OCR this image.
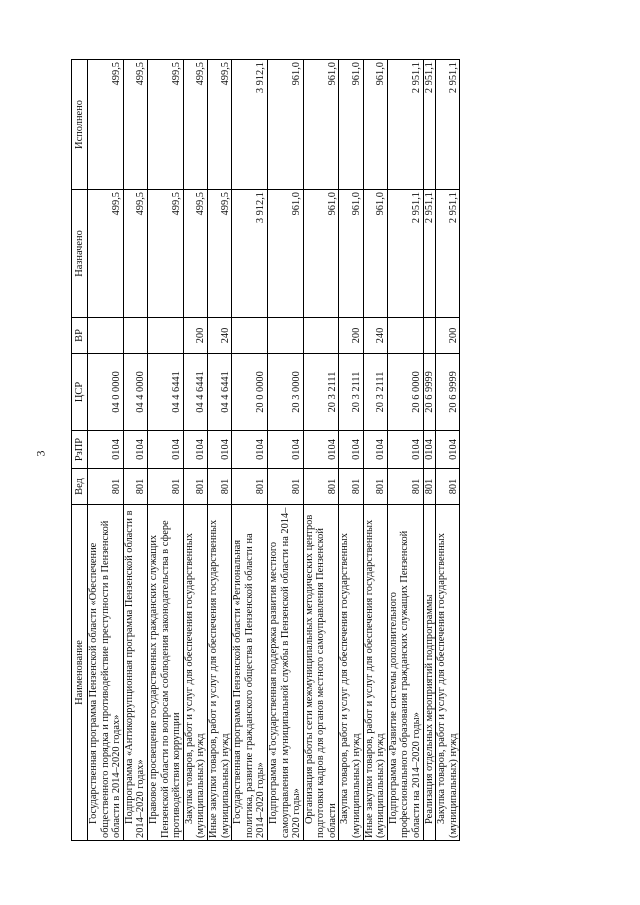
3
Наименование	Вед	РзПР	ЦСР	ВР	Назначено	Исполнено
Государственная программа Пензенской области «Обеспечение общественного порядка и противодействие преступности в Пензенской области в 2014–2020 годах»	801	0104	04 0 0000		499,5	499,5
Подпрограмма «Антикоррупционная программа Пензенской области в 2014–2020 годах»	801	0104	04 4 0000		499,5	499,5
Правовое просвещение государственных гражданских служащих Пензенской области по вопросам соблюдения законодательства в сфере противодействия коррупции	801	0104	04 4 6441		499,5	499,5
Закупка товаров, работ и услуг для обеспечения государственных (муниципальных) нужд	801	0104	04 4 6441	200	499,5	499,5
Иные закупки товаров, работ и услуг для обеспечения государственных (муниципальных) нужд	801	0104	04 4 6441	240	499,5	499,5
Государственная программа Пензенской области «Региональная политика, развитие гражданского общества в Пензенской области на 2014–2020 годы»	801	0104	20 0 0000		3 912,1	3 912,1
Подпрограмма «Государственная поддержка развития местного самоуправления и муниципальной службы в Пензенской области на 2014–2020 годы»	801	0104	20 3 0000		961,0	961,0
Организация работы сети межмуниципальных методических центров подготовки кадров для органов местного самоуправления Пензенской области	801	0104	20 3 2111		961,0	961,0
Закупка товаров, работ и услуг для обеспечения государственных (муниципальных) нужд	801	0104	20 3 2111	200	961,0	961,0
Иные закупки товаров, работ и услуг для обеспечения государственных (муниципальных) нужд	801	0104	20 3 2111	240	961,0	961,0
Подпрограмма «Развитие системы дополнительного профессионального образования гражданских служащих Пензенской области на 2014–2020 годы»	801	0104	20 6 0000		2 951,1	2 951,1
Реализация отдельных мероприятий подпрограммы	801	0104	20 6 9999		2 951,1	2 951,1
Закупка товаров, работ и услуг для обеспечения государственных (муниципальных) нужд	801	0104	20 6 9999	200	2 951,1	2 951,1
